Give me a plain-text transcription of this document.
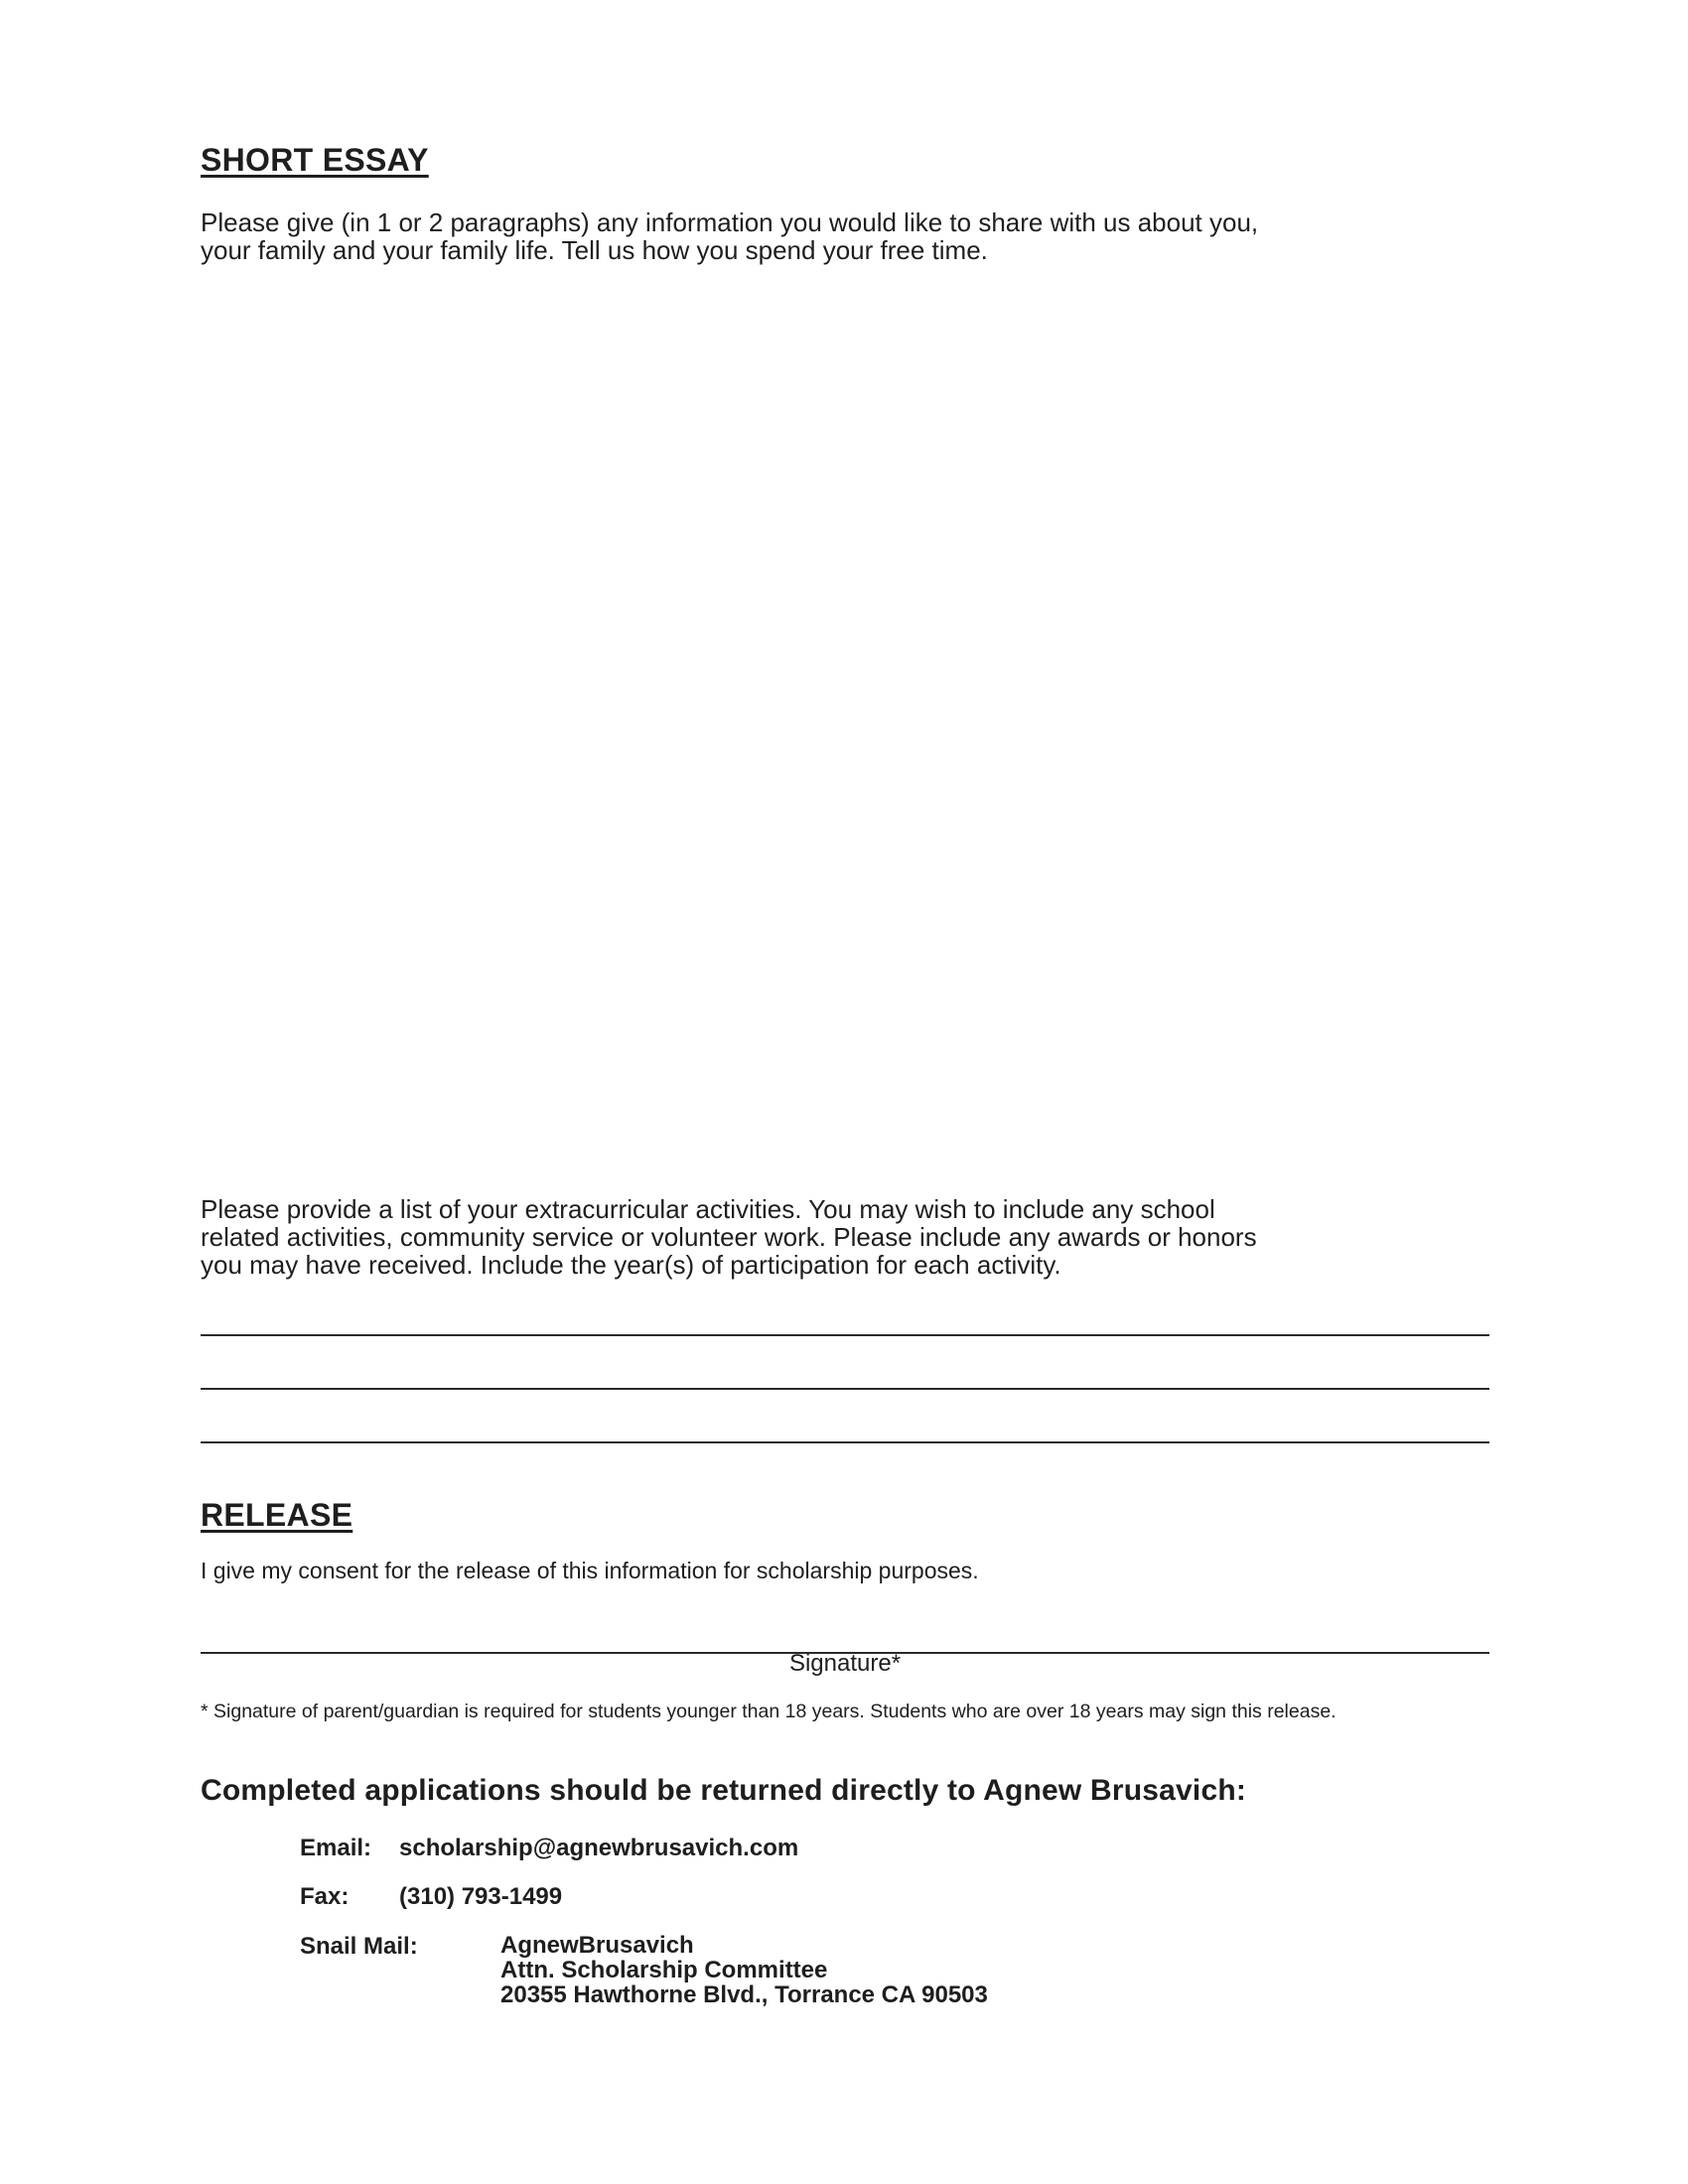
SHORT ESSAY
Please give (in 1 or 2 paragraphs) any information you would like to share with us about you,
your family and your family life. Tell us how you spend your free time.
Please provide a list of your extracurricular activities. You may wish to include any school
related activities, community service or volunteer work. Please include any awards or honors
you may have received. Include the year(s) of participation for each activity.
RELEASE
I give my consent for the release of this information for scholarship purposes.
Signature*
* Signature of parent/guardian is required for students younger than 18 years. Students who are over 18 years may sign this release.
Completed applications should be returned directly to Agnew Brusavich:
Email: scholarship@agnewbrusavich.com
Fax: (310) 793-1499
Snail Mail:	AgnewBrusavich
Attn. Scholarship Committee
20355 Hawthorne Blvd., Torrance CA 90503
